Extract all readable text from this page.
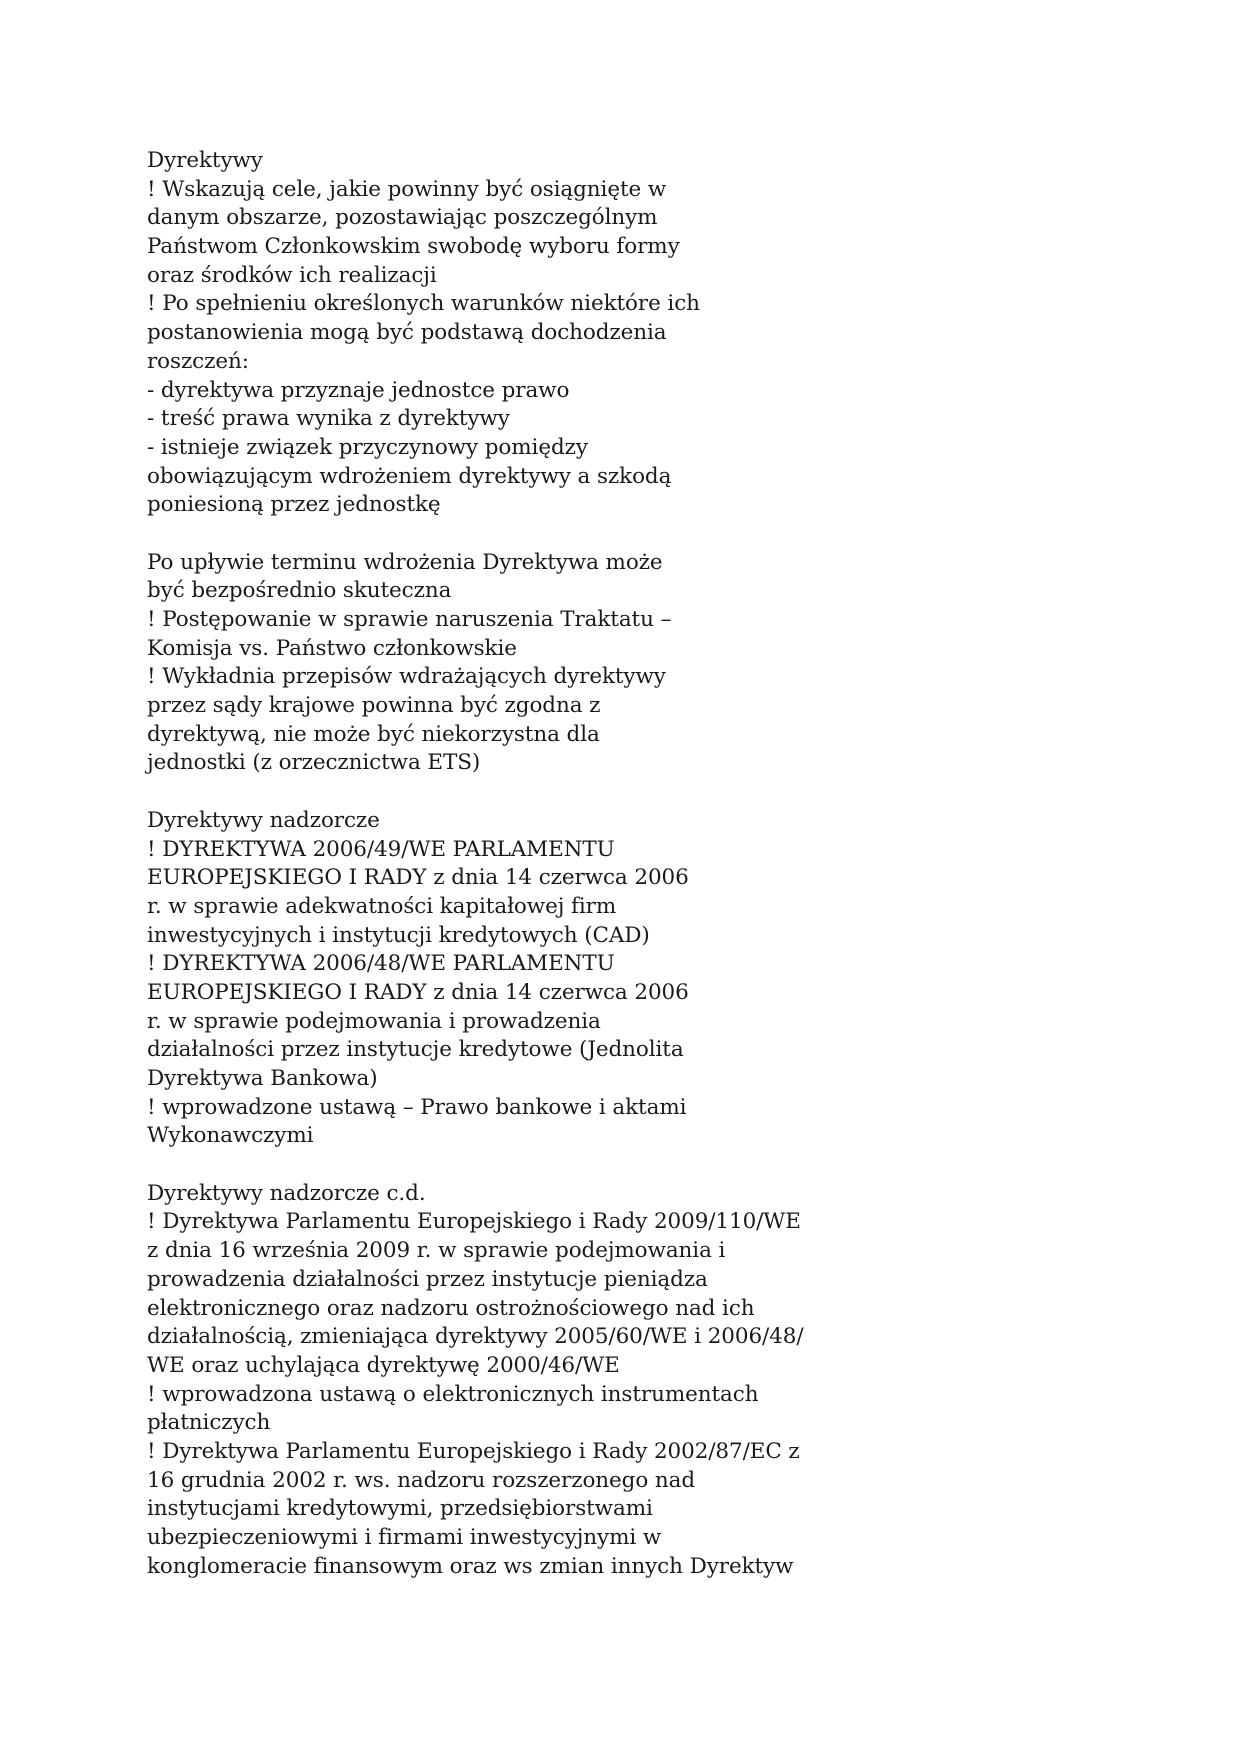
Dyrektywy
! Wskazują cele, jakie powinny być osiągnięte w
danym obszarze, pozostawiając poszczególnym
Państwom Członkowskim swobodę wyboru formy
oraz środków ich realizacji
! Po spełnieniu określonych warunków niektóre ich
postanowienia mogą być podstawą dochodzenia
roszczeń:
- dyrektywa przyznaje jednostce prawo
- treść prawa wynika z dyrektywy
- istnieje związek przyczynowy pomiędzy
obowiązującym wdrożeniem dyrektywy a szkodą
poniesioną przez jednostkę
Po upływie terminu wdrożenia Dyrektywa może
być bezpośrednio skuteczna
! Postępowanie w sprawie naruszenia Traktatu –
Komisja vs. Państwo członkowskie
! Wykładnia przepisów wdrażających dyrektywy
przez sądy krajowe powinna być zgodna z
dyrektywą, nie może być niekorzystna dla
jednostki (z orzecznictwa ETS)
Dyrektywy nadzorcze
! DYREKTYWA 2006/49/WE PARLAMENTU
EUROPEJSKIEGO I RADY z dnia 14 czerwca 2006
r. w sprawie adekwatności kapitałowej firm
inwestycyjnych i instytucji kredytowych (CAD)
! DYREKTYWA 2006/48/WE PARLAMENTU
EUROPEJSKIEGO I RADY z dnia 14 czerwca 2006
r. w sprawie podejmowania i prowadzenia
działalności przez instytucje kredytowe (Jednolita
Dyrektywa Bankowa)
! wprowadzone ustawą – Prawo bankowe i aktami
Wykonawczymi
Dyrektywy nadzorcze c.d.
! Dyrektywa Parlamentu Europejskiego i Rady 2009/110/WE
z dnia 16 września 2009 r. w sprawie podejmowania i
prowadzenia działalności przez instytucje pieniądza
elektronicznego oraz nadzoru ostrożnościowego nad ich
działalnością, zmieniająca dyrektywy 2005/60/WE i 2006/48/
WE oraz uchylająca dyrektywę 2000/46/WE
! wprowadzona ustawą o elektronicznych instrumentach
płatniczych
! Dyrektywa Parlamentu Europejskiego i Rady 2002/87/EC z
16 grudnia 2002 r. ws. nadzoru rozszerzonego nad
instytucjami kredytowymi, przedsiębiorstwami
ubezpieczeniowymi i firmami inwestycyjnymi w
konglomeracie finansowym oraz ws zmian innych Dyrektyw
